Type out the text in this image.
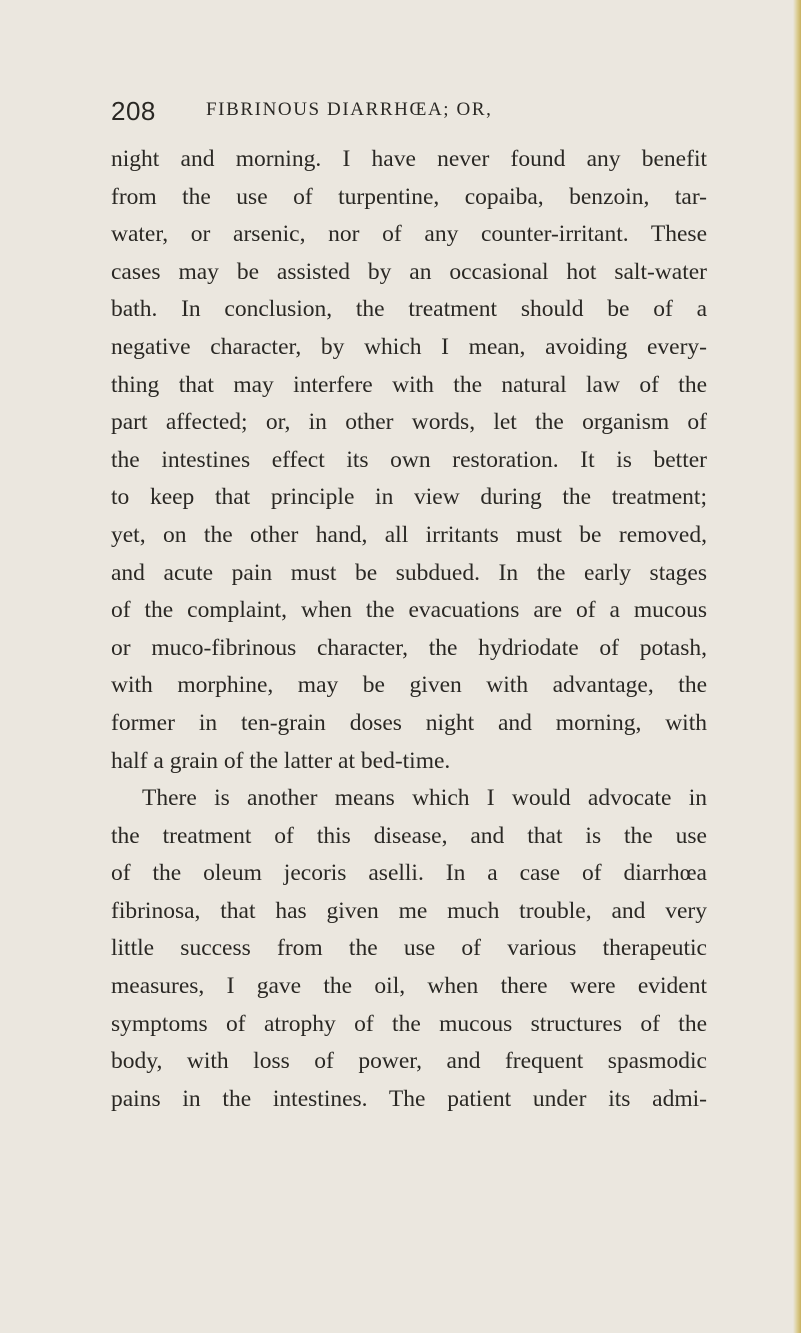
208	FIBRINOUS DIARRHŒA; OR,
night and morning. I have never found any benefit
from the use of turpentine, copaiba, benzoin, tar-
water, or arsenic, nor of any counter-irritant. These
cases may be assisted by an occasional hot salt-water
bath. In conclusion, the treatment should be of a
negative character, by which I mean, avoiding every-
thing that may interfere with the natural law of the
part affected; or, in other words, let the organism of
the intestines effect its own restoration. It is better
to keep that principle in view during the treatment;
yet, on the other hand, all irritants must be removed,
and acute pain must be subdued. In the early stages
of the complaint, when the evacuations are of a mucous
or muco-fibrinous character, the hydriodate of potash,
with morphine, may be given with advantage, the
former in ten-grain doses night and morning, with
half a grain of the latter at bed-time.
There is another means which I would advocate in
the treatment of this disease, and that is the use
of the oleum jecoris aselli. In a case of diarrhœa
fibrinosa, that has given me much trouble, and very
little success from the use of various therapeutic
measures, I gave the oil, when there were evident
symptoms of atrophy of the mucous structures of the
body, with loss of power, and frequent spasmodic
pains in the intestines. The patient under its admi-
